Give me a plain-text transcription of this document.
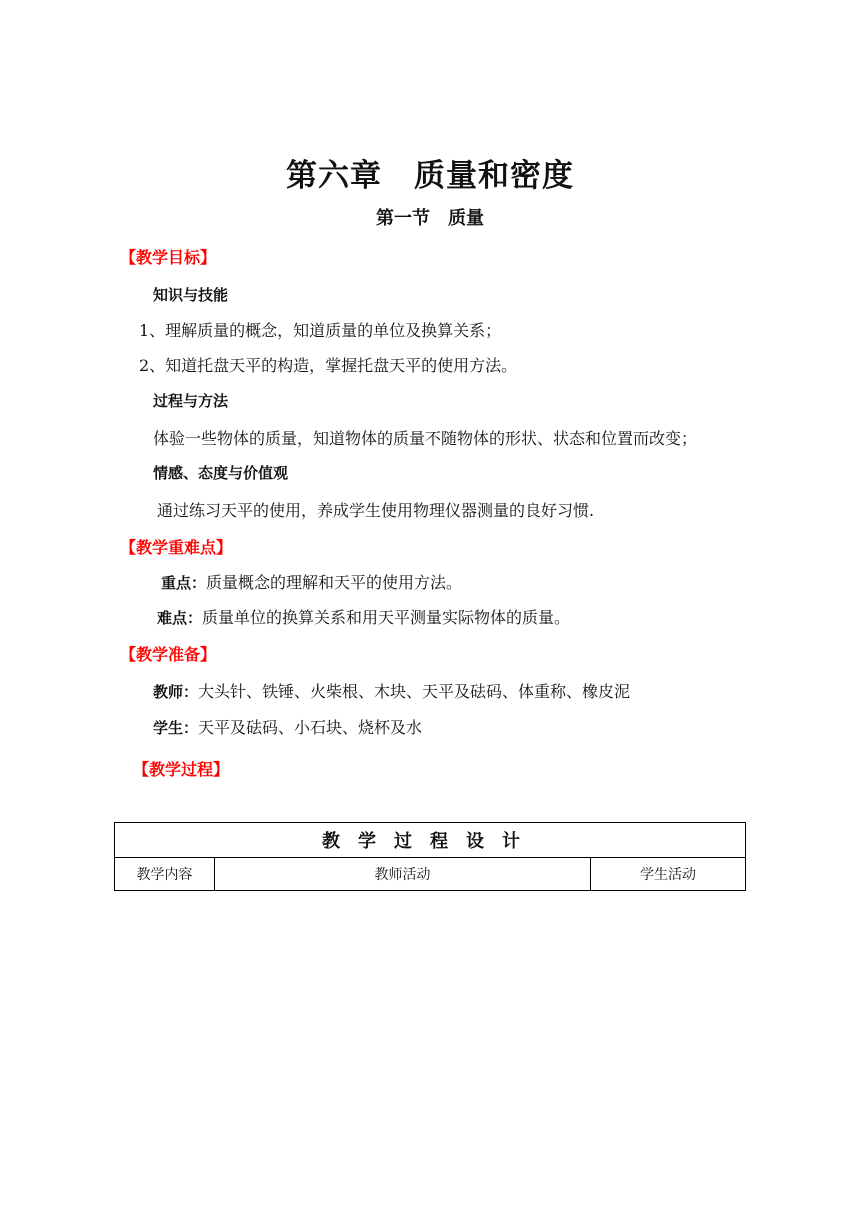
第六章　质量和密度
第一节　质量
【教学目标】
知识与技能
1、理解质量的概念，知道质量的单位及换算关系；
2、知道托盘天平的构造，掌握托盘天平的使用方法。
过程与方法
体验一些物体的质量，知道物体的质量不随物体的形状、状态和位置而改变；
情感、态度与价值观
通过练习天平的使用，养成学生使用物理仪器测量的良好习惯.
【教学重难点】
重点：质量概念的理解和天平的使用方法。
难点：质量单位的换算关系和用天平测量实际物体的质量。
【教学准备】
教师：大头针、铁锤、火柴根、木块、天平及砝码、体重称、橡皮泥
学生：天平及砝码、小石块、烧杯及水
【教学过程】
教学过程设计
教学内容	教师活动	学生活动
